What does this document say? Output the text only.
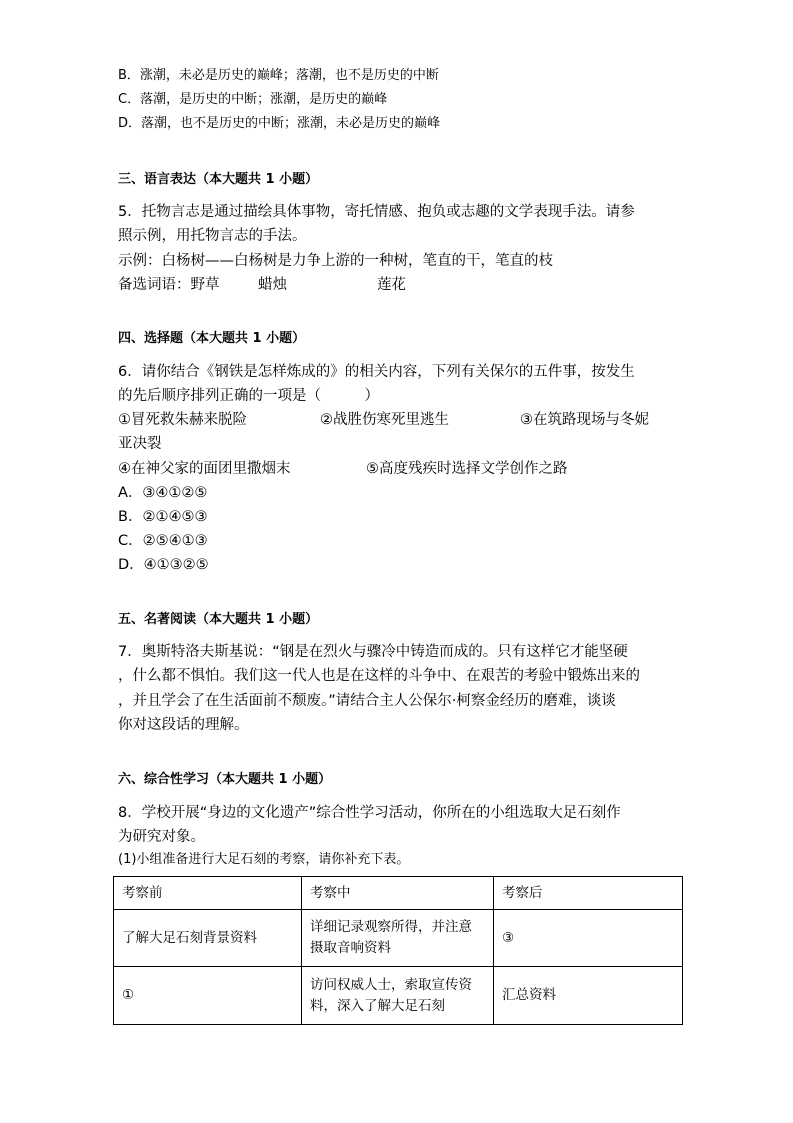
B．涨潮，未必是历史的巅峰；落潮，也不是历史的中断
C．落潮，是历史的中断；涨潮，是历史的巅峰
D．落潮，也不是历史的中断；涨潮，未必是历史的巅峰
三、语言表达（本大题共 1 小题）
5．托物言志是通过描绘具体事物，寄托情感、抱负或志趣的文学表现手法。请参
照示例，用托物言志的手法。
示例：白杨树——白杨树是力争上游的一种树，笔直的干，笔直的枝
备选词语：野草	蜡烛	莲花
四、选择题（本大题共 1 小题）
6．请你结合《钢铁是怎样炼成的》的相关内容，下列有关保尔的五件事，按发生
的先后顺序排列正确的一项是（　　　）
①冒死救朱赫来脱险	②战胜伤寒死里逃生	③在筑路现场与冬妮
亚决裂
④在神父家的面团里撒烟末	⑤高度残疾时选择文学创作之路
A．③④①②⑤
B．②①④⑤③
C．②⑤④①③
D．④①③②⑤
五、名著阅读（本大题共 1 小题）
7．奥斯特洛夫斯基说：“钢是在烈火与骤冷中铸造而成的。只有这样它才能坚硬
，什么都不惧怕。我们这一代人也是在这样的斗争中、在艰苦的考验中锻炼出来的
，并且学会了在生活面前不颓废。”请结合主人公保尔·柯察金经历的磨难，谈谈
你对这段话的理解。
六、综合性学习（本大题共 1 小题）
8．学校开展“身边的文化遗产”综合性学习活动，你所在的小组选取大足石刻作
为研究对象。
(1)小组准备进行大足石刻的考察，请你补充下表。
考察前	考察中	考察后
了解大足石刻背景资料	详细记录观察所得，并注意摄取音响资料	③
①	访问权威人士，索取宣传资料，深入了解大足石刻	汇总资料
